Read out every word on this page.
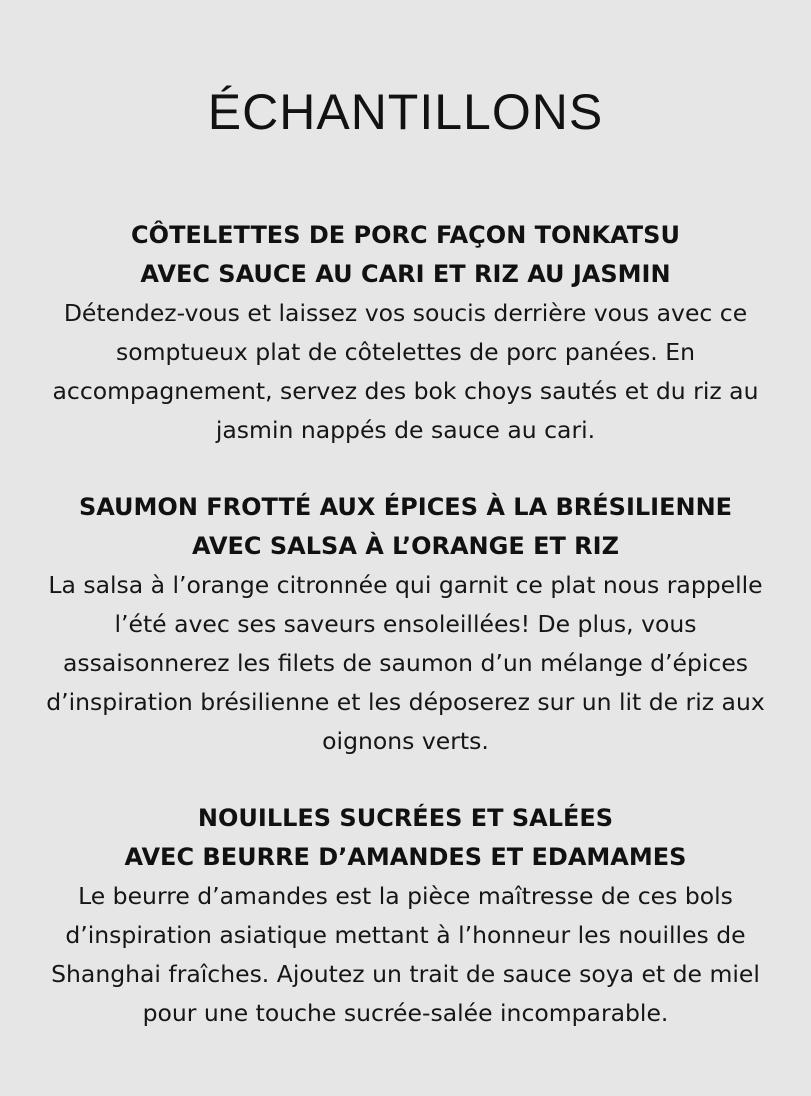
ÉCHANTILLONS
CÔTELETTES DE PORC FAÇON TONKATSU
AVEC SAUCE AU CARI ET RIZ AU JASMIN

Détendez-vous et laissez vos soucis derrière vous avec ce
somptueux plat de côtelettes de porc panées. En
accompagnement, servez des bok choys sautés et du riz au
jasmin nappés de sauce au cari.

SAUMON FROTTÉ AUX ÉPICES À LA BRÉSILIENNE
AVEC SALSA À L’ORANGE ET RIZ

La salsa à l’orange citronnée qui garnit ce plat nous rappelle
l’été avec ses saveurs ensoleillées! De plus, vous
assaisonnerez les filets de saumon d’un mélange d’épices
d’inspiration brésilienne et les déposerez sur un lit de riz aux
oignons verts.

NOUILLES SUCRÉES ET SALÉES
AVEC BEURRE D’AMANDES ET EDAMAMES

Le beurre d’amandes est la pièce maîtresse de ces bols
d’inspiration asiatique mettant à l’honneur les nouilles de
Shanghai fraîches. Ajoutez un trait de sauce soya et de miel
pour une touche sucrée-salée incomparable.
